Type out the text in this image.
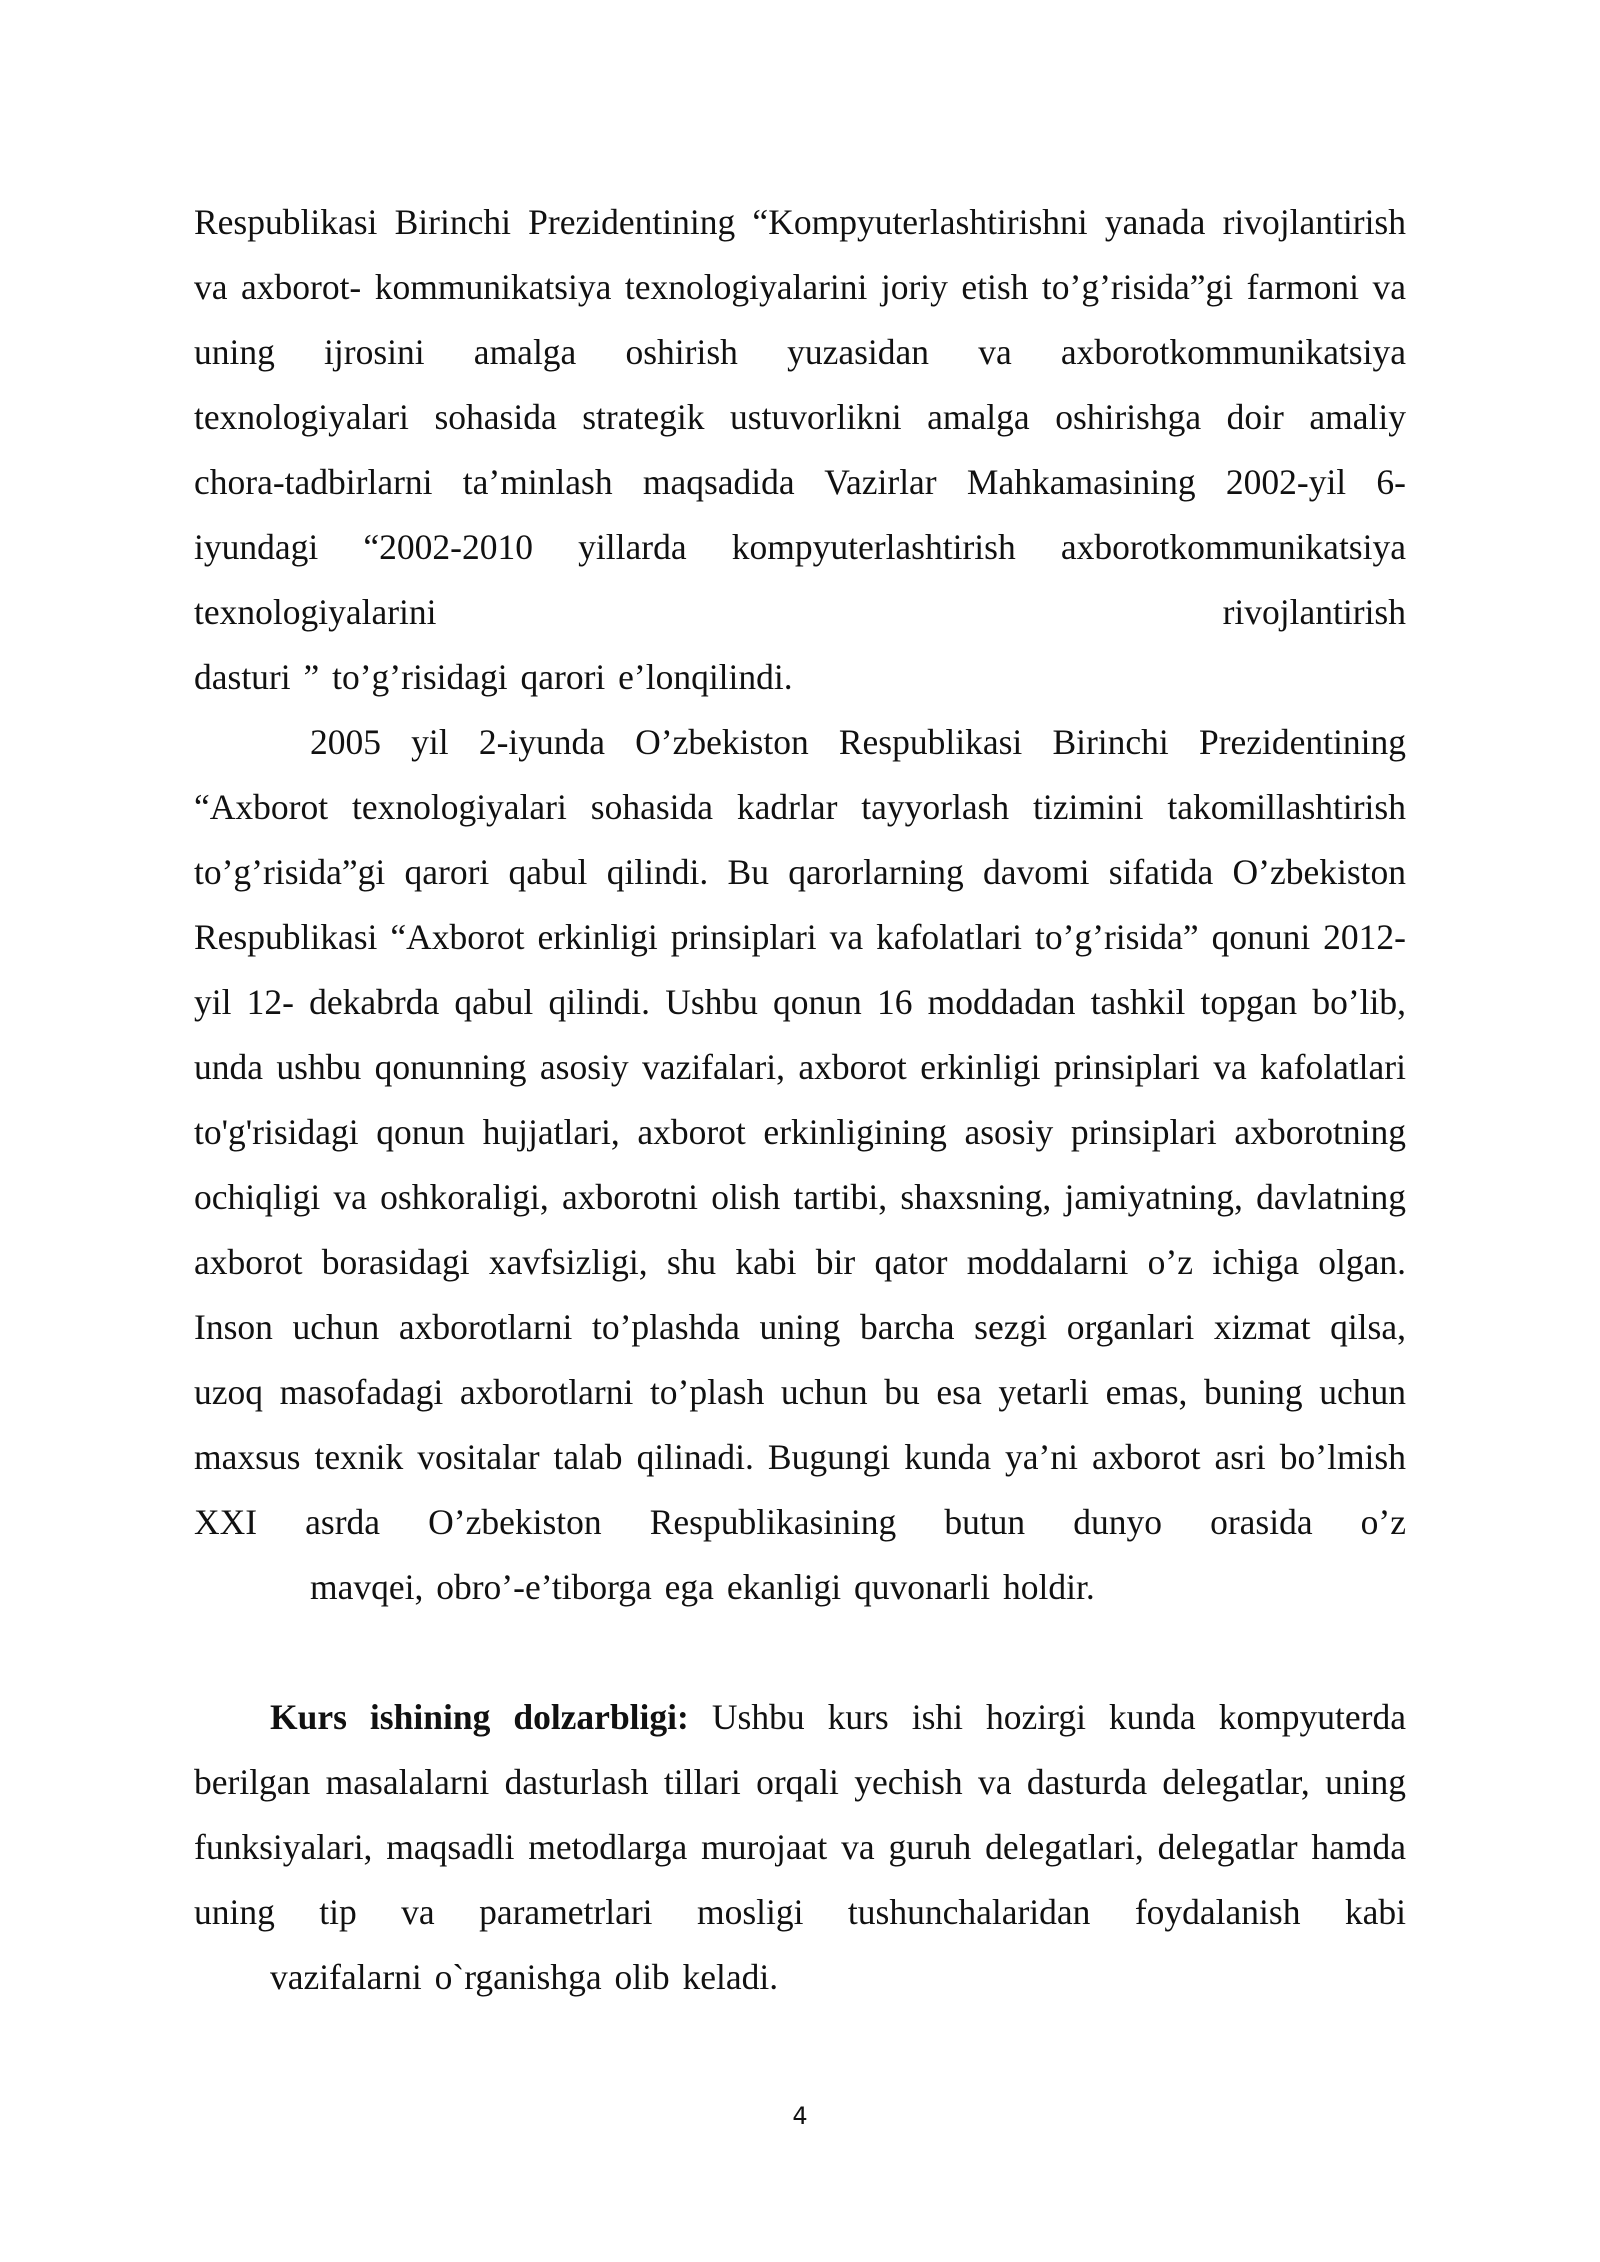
Respublikasi Birinchi Prezidentining “Kompyuterlashtirishni yanada rivojlantirish va axborot- kommunikatsiya texnologiyalarini joriy etish to’g’risida”gi farmoni va uning ijrosini amalga oshirish yuzasidan va axborotkommunikatsiya texnologiyalari sohasida strategik ustuvorlikni amalga oshirishga doir amaliy chora-tadbirlarni ta’minlash maqsadida Vazirlar Mahkamasining 2002-yil 6-iyundagi “2002-2010 yillarda kompyuterlashtirish axborotkommunikatsiya texnologiyalarini rivojlantirish
dasturi ” to’g’risidagi qarori e’lonqilindi.

2005 yil 2-iyunda O’zbekiston Respublikasi Birinchi Prezidentining “Axborot texnologiyalari sohasida kadrlar tayyorlash tizimini takomillashtirish to’g’risida”gi qarori qabul qilindi. Bu qarorlarning davomi sifatida O’zbekiston Respublikasi “Axborot erkinligi prinsiplari va kafolatlari to’g’risida” qonuni 2012-yil 12- dekabrda qabul qilindi. Ushbu qonun 16 moddadan tashkil topgan bo’lib, unda ushbu qonunning asosiy vazifalari, axborot erkinligi prinsiplari va kafolatlari to'g'risidagi qonun hujjatlari, axborot erkinligining asosiy prinsiplari axborotning ochiqligi va oshkoraligi, axborotni olish tartibi, shaxsning, jamiyatning, davlatning axborot borasidagi xavfsizligi, shu kabi bir qator moddalarni o’z ichiga olgan. Inson uchun axborotlarni to’plashda uning barcha sezgi organlari xizmat qilsa, uzoq masofadagi axborotlarni to’plash uchun bu esa yetarli emas, buning uchun maxsus texnik vositalar talab qilinadi. Bugungi kunda ya’ni axborot asri bo’lmish XXI asrda O’zbekiston Respublikasining butun dunyo orasida o’z
mavqei, obro’-e’tiborga ega ekanligi quvonarli holdir.

Kurs ishining dolzarbligi: Ushbu kurs ishi hozirgi kunda kompyuterda berilgan masalalarni dasturlash tillari orqali yechish va dasturda delegatlar, uning funksiyalari, maqsadli metodlarga murojaat va guruh delegatlari, delegatlar hamda uning tip va parametrlari mosligi tushunchalaridan foydalanish kabi
vazifalarni o`rganishga olib keladi.

4
